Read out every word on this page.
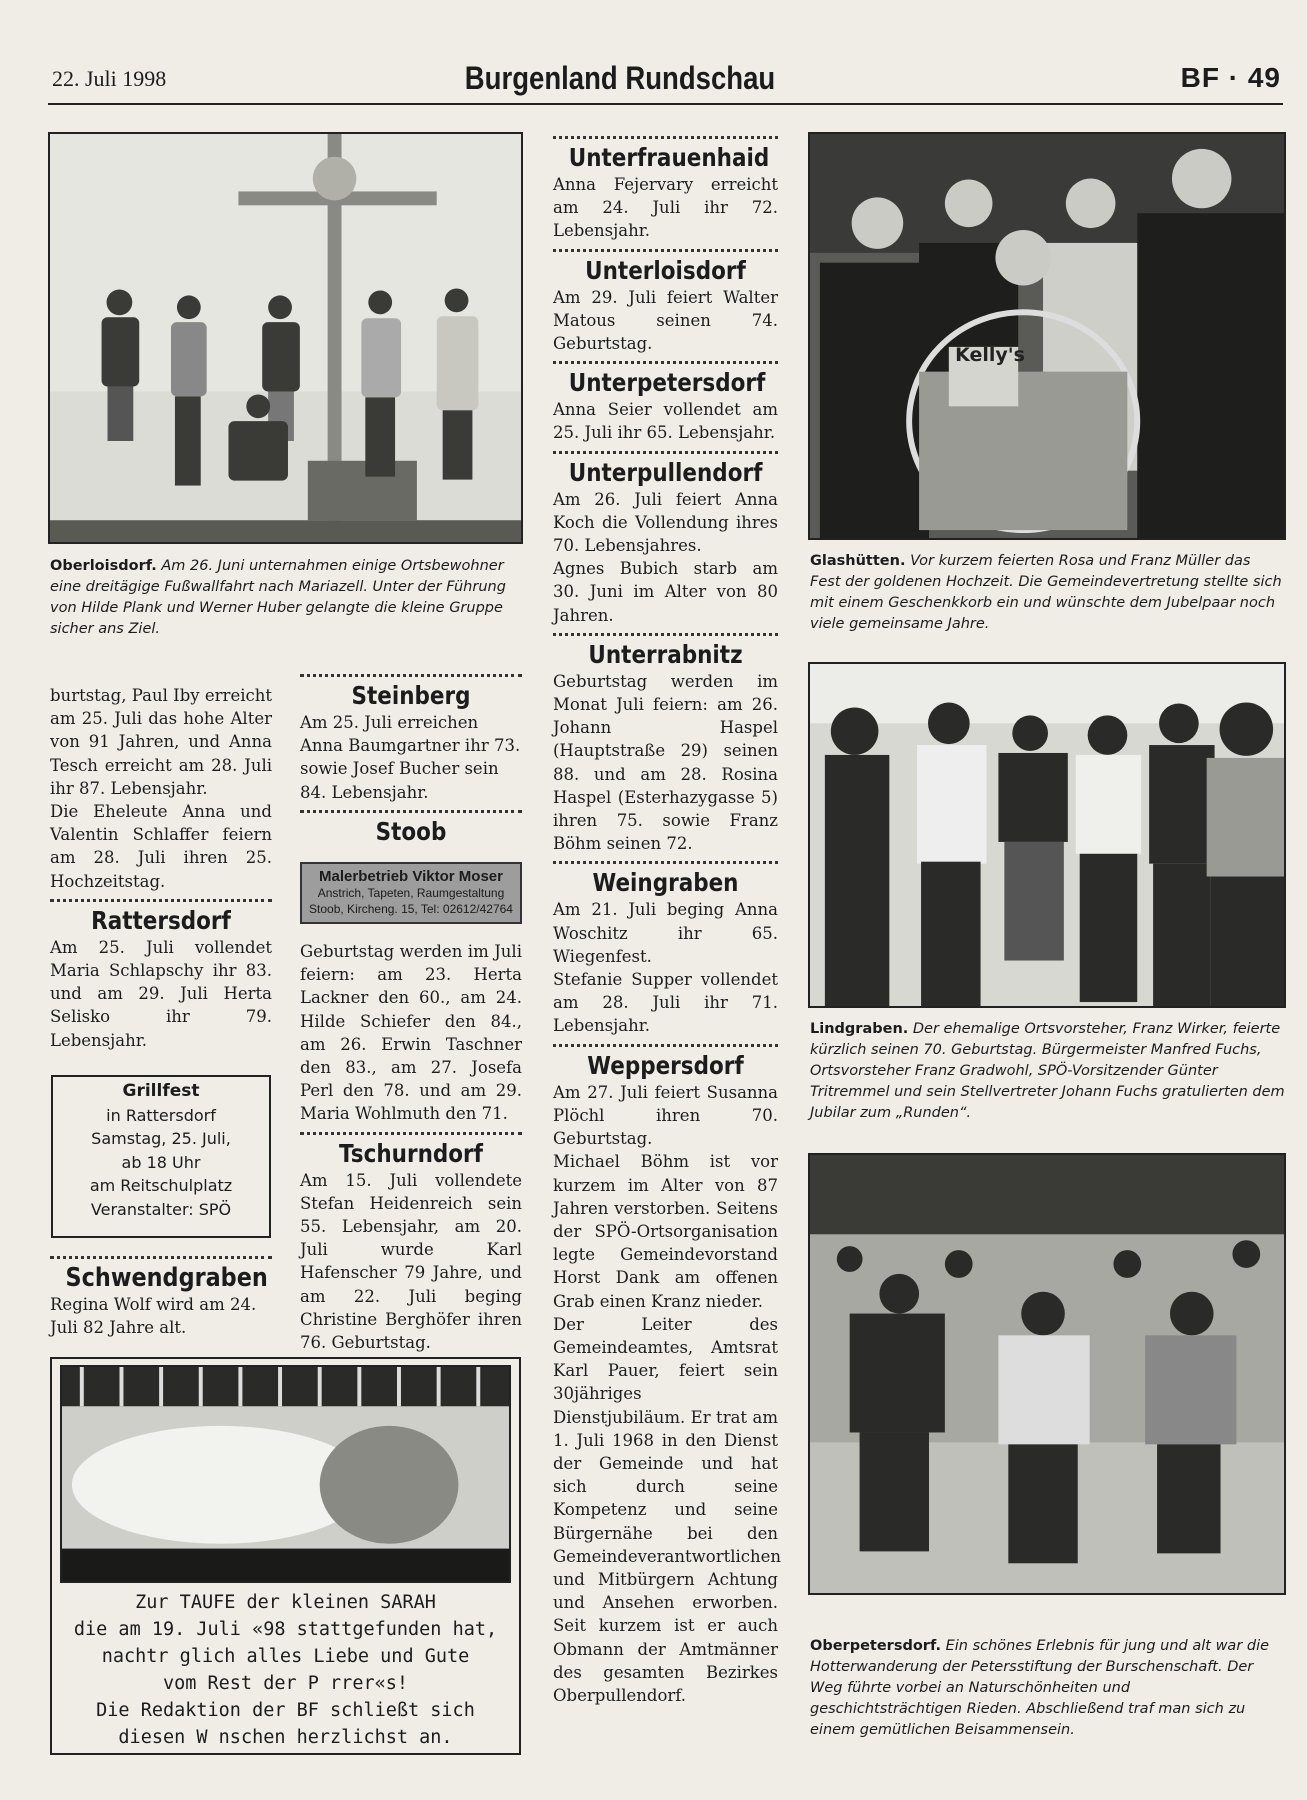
22. Juli 1998	Burgenland Rundschau	BF · 49
Oberloisdorf. Am 26. Juni unternahmen einige Ortsbewohner eine dreitägige Fußwallfahrt nach Mariazell. Unter der Führung von Hilde Plank und Werner Huber gelangte die kleine Gruppe sicher ans Ziel.
Kelly's
Glashütten. Vor kurzem feierten Rosa und Franz Müller das Fest der goldenen Hochzeit. Die Gemeindevertretung stellte sich mit einem Geschenkkorb ein und wünschte dem Jubelpaar noch viele gemeinsame Jahre.
Lindgraben. Der ehemalige Ortsvorsteher, Franz Wirker, feierte kürzlich seinen 70. Geburtstag. Bürgermeister Manfred Fuchs, Ortsvorsteher Franz Gradwohl, SPÖ-Vorsitzender Günter Tritremmel und sein Stellvertreter Johann Fuchs gratulierten dem Jubilar zum „Runden“.
Oberpetersdorf. Ein schönes Erlebnis für jung und alt war die Hotterwanderung der Petersstiftung der Burschenschaft. Der Weg führte vorbei an Naturschönheiten und geschichtsträchtigen Rieden. Abschließend traf man sich zu einem gemütlichen Beisammensein.

burtstag, Paul Iby erreicht am 25. Juli das hohe Alter von 91 Jahren, und Anna Tesch erreicht am 28. Juli ihr 87. Lebensjahr.

Die Eheleute Anna und Valentin Schlaffer feiern am 28. Juli ihren 25. Hochzeitstag.

Rattersdorf

Am 25. Juli vollendet Maria Schlapschy ihr 83. und am 29. Juli Herta Selisko ihr 79. Lebensjahr.

Grillfest
in Rattersdorf
Samstag, 25. Juli,
ab 18 Uhr
am Reitschulplatz
Veranstalter: SPÖ
Schwendgraben

Regina Wolf wird am 24. Juli 82 Jahre alt.

Steinberg

Am 25. Juli erreichen Anna Baumgartner ihr 73. sowie Josef Bucher sein 84. Lebensjahr.

Stoob
Malerbetrieb Viktor Moser
Anstrich, Tapeten, Raumgestaltung
Stoob, Kircheng. 15, Tel: 02612/42764

Geburtstag werden im Juli feiern: am 23. Herta Lackner den 60., am 24. Hilde Schiefer den 84., am 26. Erwin Taschner den 83., am 27. Josefa Perl den 78. und am 29. Maria Wohlmuth den 71.

Tschurndorf

Am 15. Juli vollendete Stefan Heidenreich sein 55. Lebensjahr, am 20. Juli wurde Karl Hafenscher 79 Jahre, und am 22. Juli beging Christine Berghöfer ihren 76. Geburtstag.

Unterfrauenhaid

Anna Fejervary erreicht am 24. Juli ihr 72. Lebensjahr.

Unterloisdorf

Am 29. Juli feiert Walter Matous seinen 74. Geburtstag.

Unterpetersdorf

Anna Seier vollendet am 25. Juli ihr 65. Lebensjahr.

Unterpullendorf

Am 26. Juli feiert Anna Koch die Vollendung ihres 70. Lebensjahres.

Agnes Bubich starb am 30. Juni im Alter von 80 Jahren.

Unterrabnitz

Geburtstag werden im Monat Juli feiern: am 26. Johann Haspel (Hauptstraße 29) seinen 88. und am 28. Rosina Haspel (Esterhazygasse 5) ihren 75. sowie Franz Böhm seinen 72.

Weingraben

Am 21. Juli beging Anna Woschitz ihr 65. Wiegenfest.

Stefanie Supper vollendet am 28. Juli ihr 71. Lebensjahr.

Weppersdorf

Am 27. Juli feiert Susanna Plöchl ihren 70. Geburtstag.

Michael Böhm ist vor kurzem im Alter von 87 Jahren verstorben. Seitens der SPÖ-Ortsorganisation legte Gemeindevorstand Horst Dank am offenen Grab einen Kranz nieder.

Der Leiter des Gemeindeamtes, Amtsrat Karl Pauer, feiert sein 30jähriges Dienstjubiläum. Er trat am 1. Juli 1968 in den Dienst der Gemeinde und hat sich durch seine Kompetenz und seine Bürgernähe bei den Gemeindeverantwortlichen und Mitbürgern Achtung und Ansehen erworben. Seit kurzem ist er auch Obmann der Amtmänner des gesamten Bezirkes Oberpullendorf.

Zur TAUFE der kleinen SARAH
die am 19. Juli «98 stattgefunden hat,
nachtr glich alles Liebe und Gute
vom Rest der P rrer«s!
Die Redaktion der BF schließt sich
diesen W nschen herzlichst an.
